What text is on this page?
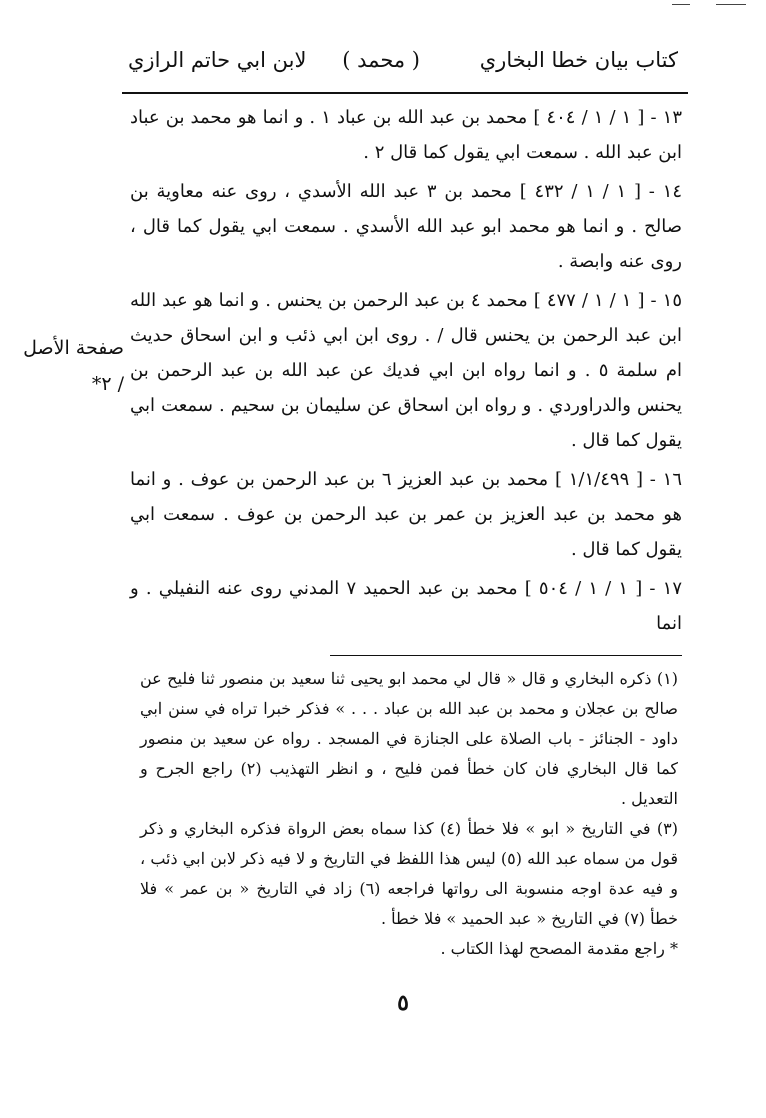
كتاب بيان خطا البخاري
( محمد )
لابن ابي حاتم الرازي

١٣ - [ ١ / ١ / ٤٠٤ ] محمد بن عبد الله بن عباد ١ . و انما هو محمد بن عباد ابن عبد الله . سمعت ابي يقول كما قال ٢ .

١٤ - [ ١ / ١ / ٤٣٢ ] محمد بن ٣ عبد الله الأسدي ، روى عنه معاوية بن صالح . و انما هو محمد ابو عبد الله الأسدي . سمعت ابي يقول كما قال ، روى عنه وابصة .

١٥ - [ ١ / ١ / ٤٧٧ ] محمد ٤ بن عبد الرحمن بن يحنس . و انما هو عبد الله ابن عبد الرحمن بن يحنس قال / . روى ابن ابي ذئب و ابن اسحاق حديث ام سلمة ٥ . و انما رواه ابن ابي فديك عن عبد الله بن عبد الرحمن بن يحنس والدراوردي . و رواه ابن اسحاق عن سليمان بن سحيم . سمعت ابي يقول كما قال .

١٦ - [ ١/١/٤٩٩ ] محمد بن عبد العزيز ٦ بن عبد الرحمن بن عوف . و انما هو محمد بن عبد العزيز بن عمر بن عبد الرحمن بن عوف . سمعت ابي يقول كما قال .

١٧ - [ ١ / ١ / ٥٠٤ ] محمد بن عبد الحميد ٧ المدني روى عنه النفيلي . و انما

صفحة الأصل
/ ٢*

(١) ذكره البخاري و قال « قال لي محمد ابو يحيى ثنا سعيد بن منصور ثنا فليح عن صالح بن عجلان و محمد بن عبد الله بن عباد . . . » فذكر خبرا تراه في سنن ابي داود - الجنائز - باب الصلاة على الجنازة في المسجد . رواه عن سعيد بن منصور كما قال البخاري فان كان خطأ فمن فليح ، و انظر التهذيب (٢) راجع الجرح و التعديل .

(٣) في التاريخ « ابو » فلا خطأ (٤) كذا سماه بعض الرواة فذكره البخاري و ذكر قول من سماه عبد الله (٥) ليس هذا اللفظ في التاريخ و لا فيه ذكر لابن ابي ذئب ، و فيه عدة اوجه منسوبة الى رواتها فراجعه (٦) زاد في التاريخ « بن عمر » فلا خطأ (٧) في التاريخ « عبد الحميد » فلا خطأ .

* راجع مقدمة المصحح لهذا الكتاب .

٥
